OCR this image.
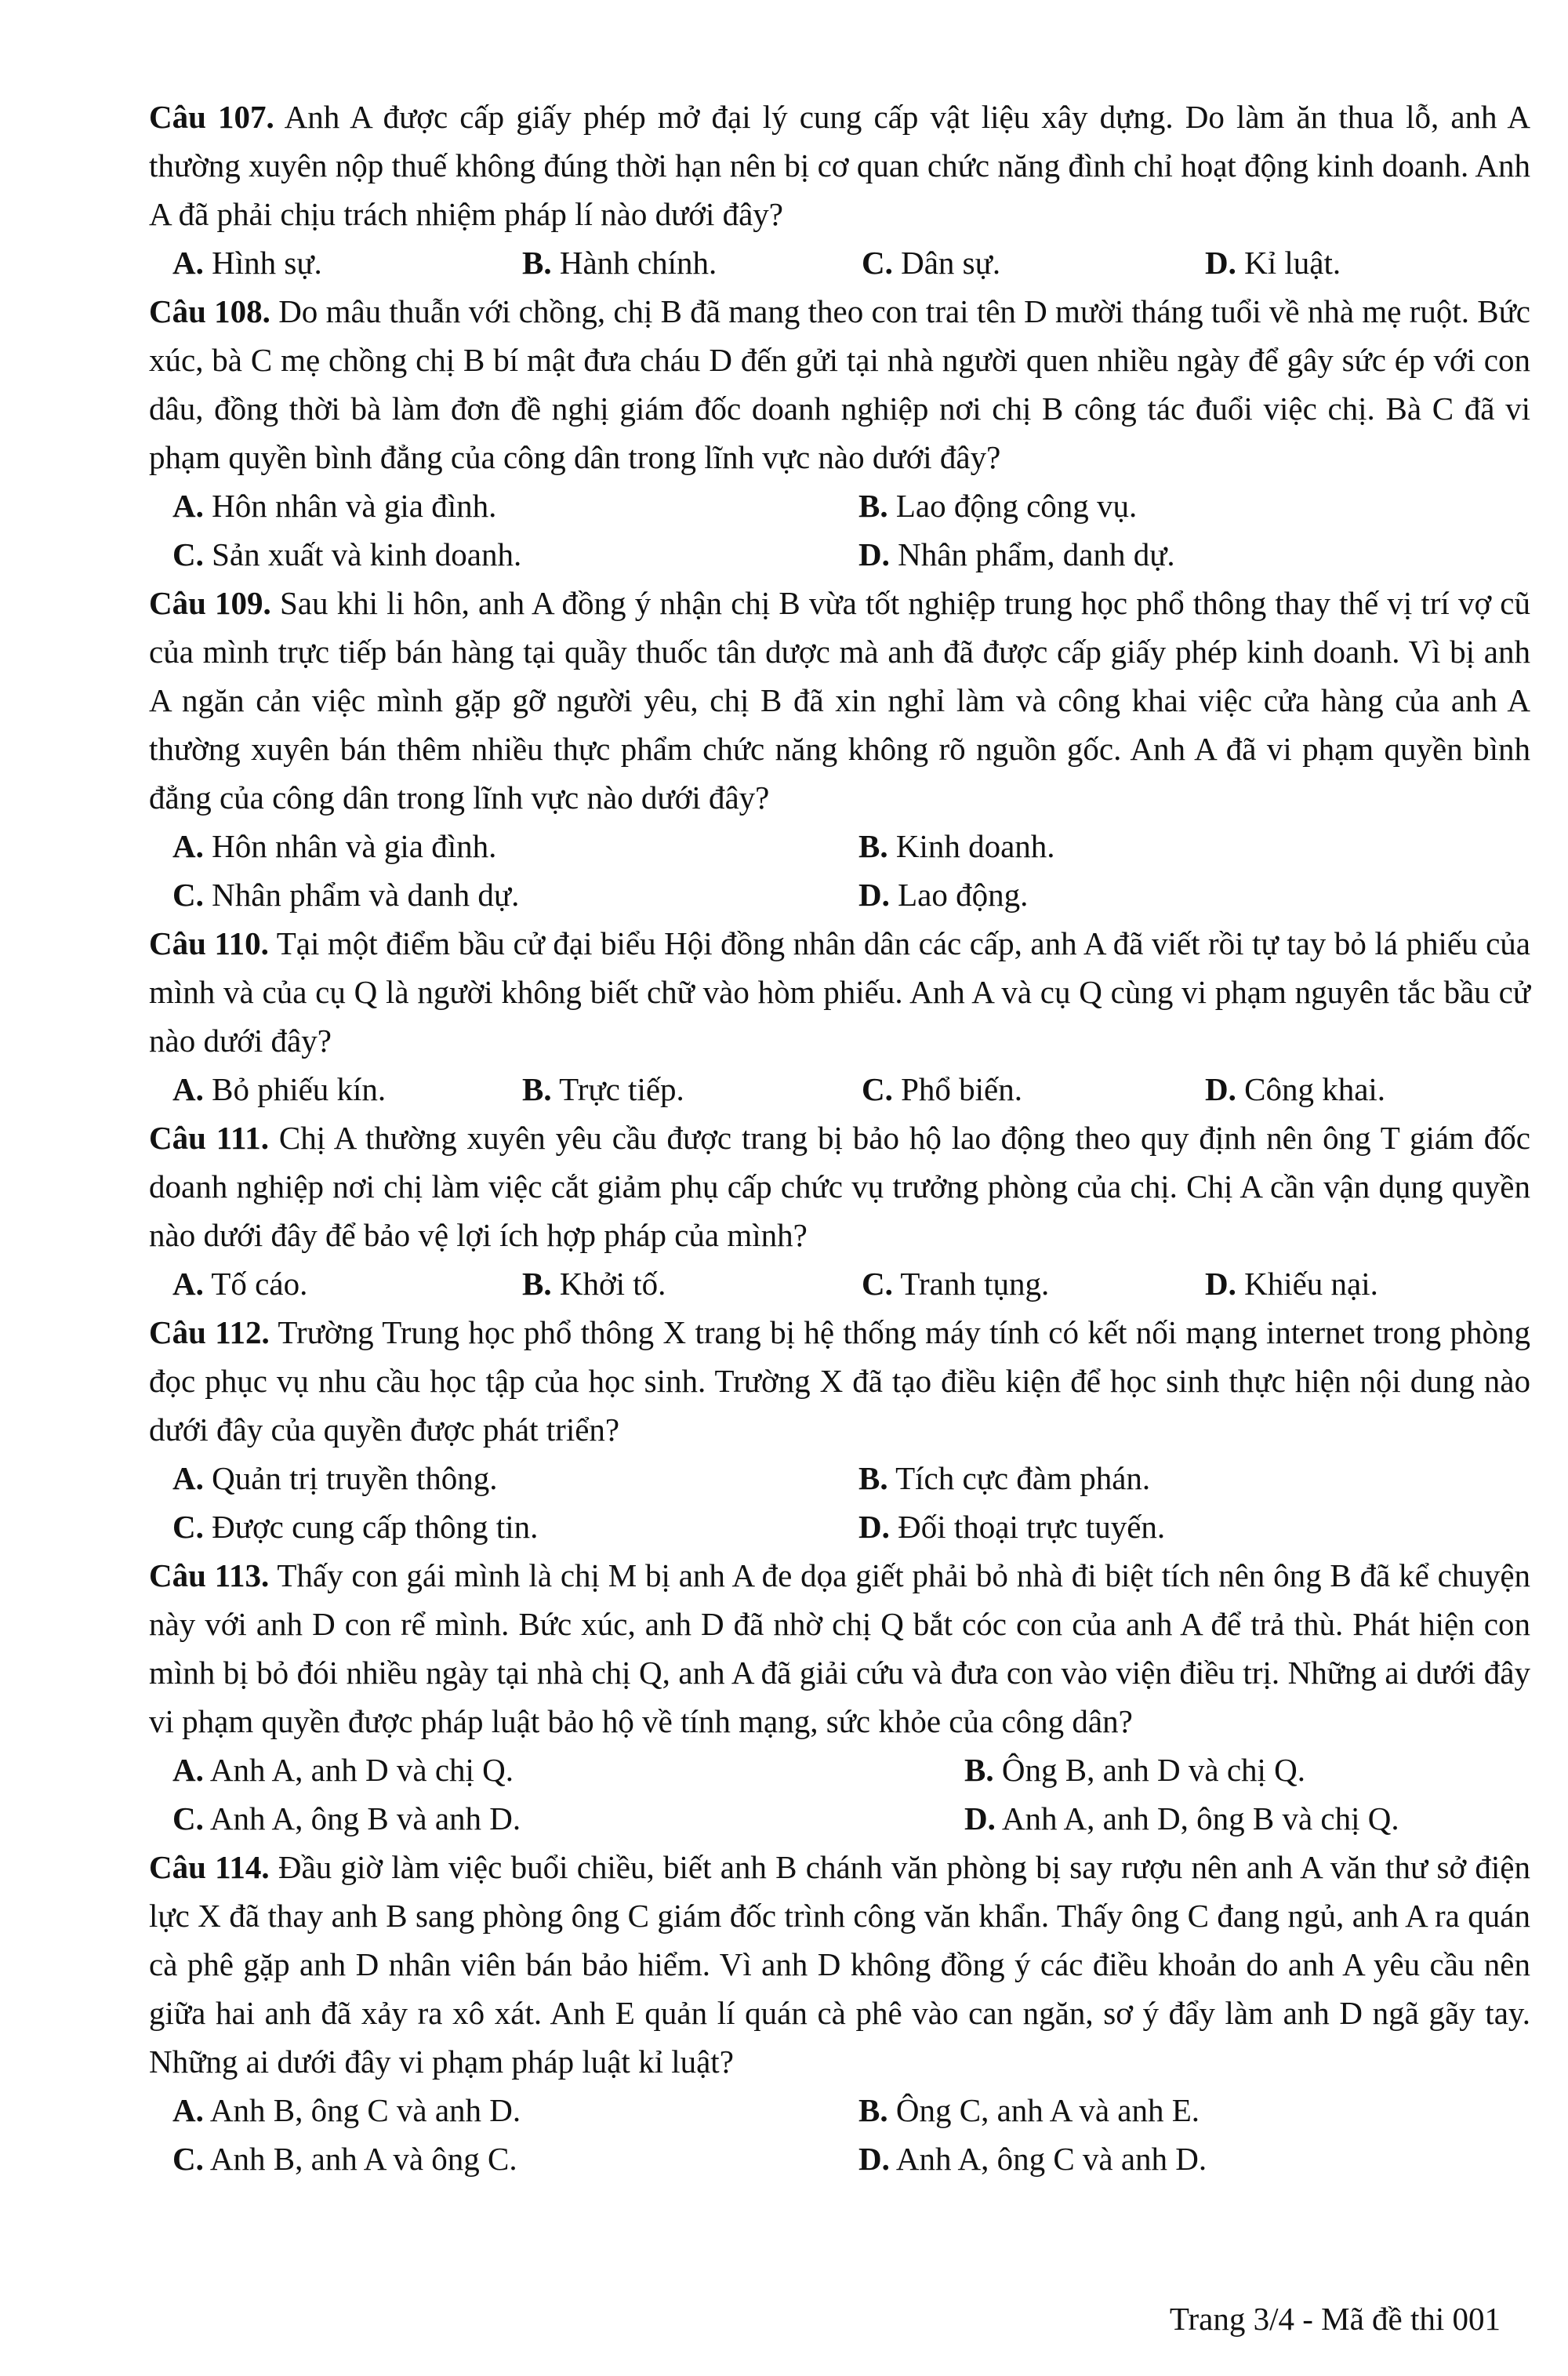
Câu 107. Anh A được cấp giấy phép mở đại lý cung cấp vật liệu xây dựng. Do làm ăn thua lỗ, anh A thường xuyên nộp thuế không đúng thời hạn nên bị cơ quan chức năng đình chỉ hoạt động kinh doanh. Anh A đã phải chịu trách nhiệm pháp lí nào dưới đây?

A. Hình sự.	B. Hành chính.	C. Dân sự.	D. Kỉ luật.

Câu 108. Do mâu thuẫn với chồng, chị B đã mang theo con trai tên D mười tháng tuổi về nhà mẹ ruột. Bức xúc, bà C mẹ chồng chị B bí mật đưa cháu D đến gửi tại nhà người quen nhiều ngày để gây sức ép với con dâu, đồng thời bà làm đơn đề nghị giám đốc doanh nghiệp nơi chị B công tác đuổi việc chị. Bà C đã vi phạm quyền bình đẳng của công dân trong lĩnh vực nào dưới đây?

A. Hôn nhân và gia đình.	B. Lao động công vụ.
C. Sản xuất và kinh doanh.	D. Nhân phẩm, danh dự.

Câu 109. Sau khi li hôn, anh A đồng ý nhận chị B vừa tốt nghiệp trung học phổ thông thay thế vị trí vợ cũ của mình trực tiếp bán hàng tại quầy thuốc tân dược mà anh đã được cấp giấy phép kinh doanh. Vì bị anh A ngăn cản việc mình gặp gỡ người yêu, chị B đã xin nghỉ làm và công khai việc cửa hàng của anh A thường xuyên bán thêm nhiều thực phẩm chức năng không rõ nguồn gốc. Anh A đã vi phạm quyền bình đẳng của công dân trong lĩnh vực nào dưới đây?

A. Hôn nhân và gia đình.	B. Kinh doanh.
C. Nhân phẩm và danh dự.	D. Lao động.

Câu 110. Tại một điểm bầu cử đại biểu Hội đồng nhân dân các cấp, anh A đã viết rồi tự tay bỏ lá phiếu của mình và của cụ Q là người không biết chữ vào hòm phiếu. Anh A và cụ Q cùng vi phạm nguyên tắc bầu cử nào dưới đây?

A. Bỏ phiếu kín.	B. Trực tiếp.	C. Phổ biến.	D. Công khai.

Câu 111. Chị A thường xuyên yêu cầu được trang bị bảo hộ lao động theo quy định nên ông T giám đốc doanh nghiệp nơi chị làm việc cắt giảm phụ cấp chức vụ trưởng phòng của chị. Chị A cần vận dụng quyền nào dưới đây để bảo vệ lợi ích hợp pháp của mình?

A. Tố cáo.	B. Khởi tố.	C. Tranh tụng.	D. Khiếu nại.

Câu 112. Trường Trung học phổ thông X trang bị hệ thống máy tính có kết nối mạng internet trong phòng đọc phục vụ nhu cầu học tập của học sinh. Trường X đã tạo điều kiện để học sinh thực hiện nội dung nào dưới đây của quyền được phát triển?

A. Quản trị truyền thông.	B. Tích cực đàm phán.
C. Được cung cấp thông tin.	D. Đối thoại trực tuyến.

Câu 113. Thấy con gái mình là chị M bị anh A đe dọa giết phải bỏ nhà đi biệt tích nên ông B đã kể chuyện này với anh D con rể mình. Bức xúc, anh D đã nhờ chị Q bắt cóc con của anh A để trả thù. Phát hiện con mình bị bỏ đói nhiều ngày tại nhà chị Q, anh A đã giải cứu và đưa con vào viện điều trị. Những ai dưới đây vi phạm quyền được pháp luật bảo hộ về tính mạng, sức khỏe của công dân?

A. Anh A, anh D và chị Q.	B. Ông B, anh D và chị Q.
C. Anh A, ông B và anh D.	D. Anh A, anh D, ông B và chị Q.

Câu 114. Đầu giờ làm việc buổi chiều, biết anh B chánh văn phòng bị say rượu nên anh A văn thư sở điện lực X đã thay anh B sang phòng ông C giám đốc trình công văn khẩn. Thấy ông C đang ngủ, anh A ra quán cà phê gặp anh D nhân viên bán bảo hiểm. Vì anh D không đồng ý các điều khoản do anh A yêu cầu nên giữa hai anh đã xảy ra xô xát. Anh E quản lí quán cà phê vào can ngăn, sơ ý đẩy làm anh D ngã gãy tay. Những ai dưới đây vi phạm pháp luật kỉ luật?

A. Anh B, ông C và anh D.	B. Ông C, anh A và anh E.
C. Anh B, anh A và ông C.	D. Anh A, ông C và anh D.
Trang 3/4 - Mã đề thi 001
